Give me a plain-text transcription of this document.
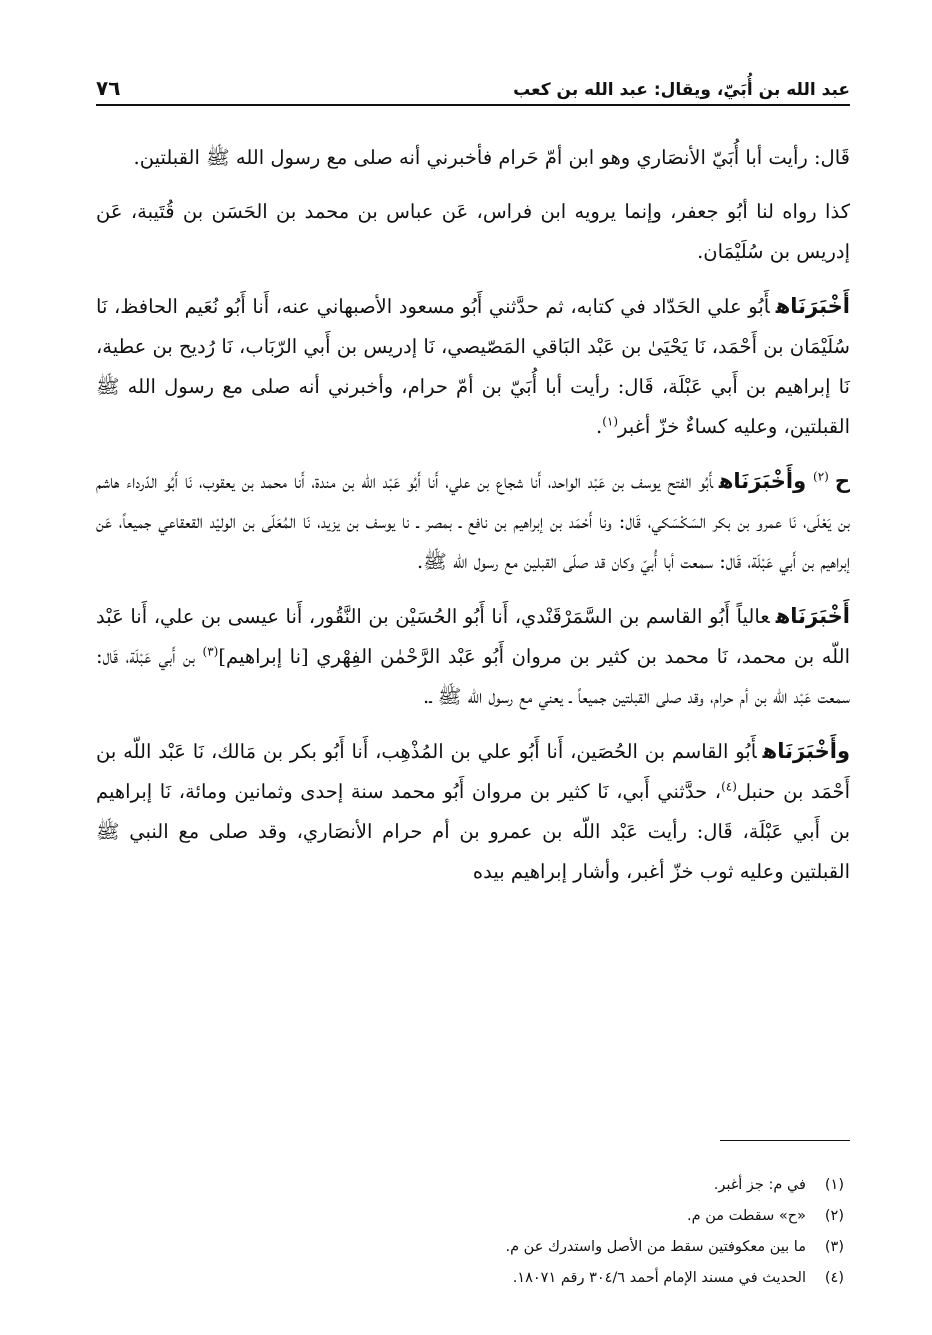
عبد الله بن أُبَيّ، ويقال: عبد الله بن كعب
٧٦

قَال: رأيت أبا أُبَيّ الأنصَاري وهو ابن أمّ حَرام فأخبرني أنه صلى مع رسول الله ﷺ القبلتين.

كذا رواه لنا أبُو جعفر، وإنما يرويه ابن فراس، عَن عباس بن محمد بن الحَسَن بن قُتَيبة، عَن إدريس بن سُلَيْمَان.

أَخْبَرَنَاهأَبُو علي الحَدّاد في كتابه، ثم حدَّثني أَبُو مسعود الأصبهاني عنه، أَنا أَبُو نُعَيم الحافظ، نَا سُلَيْمَان بن أَحْمَد، نَا يَحْيَىٰ بن عَبْد البَاقي المَصّيصي، نَا إدريس بن أَبي الرّبَاب، نَا رُديح بن عطية، نَا إبراهيم بن أَبي عَبْلَة، قَال: رأيت أبا أُبَيّ بن أمّ حرام، وأخبرني أنه صلى مع رسول الله ﷺ القبلتين، وعليه كساءٌ خزّ أغبر$^{(١)}$.

ح$^{(٢)}$ وأَخْبَرَنَاهأَبُو الفتح يوسف بن عَبْد الواحد، أَنا شجاع بن علي، أَنا أَبُو عَبْد اللّه بن مندة، أَنا محمد بن يعقوب، نَا أَبُو الدّرداء هاشم بن يَعْلَى، نَا عمرو بن بكر السَكْسَكي، قَال: ونا أَحْمَد بن إبراهيم بن نافع ـ بمصر ـ نا يوسف بن يزيد، نَا المُعَلّى بن الوليْد القعقاعي جميعاً، عَن إبراهيم بن أَبي عَبْلَة، قَال: سمعت أبا أُبيّ وكان قد صلّى القبلين مع رسول الله ﷺ.

أَخْبَرَنَاهعالياً أَبُو القاسم بن السَّمَرْقَنْدي، أَنا أَبُو الحُسَيْن بن النَّقُور، أَنا عيسى بن علي، أَنا عَبْد اللّه بن محمد، نَا محمد بن كثير بن مروان أَبُو عَبْد الرَّحْمٰن الفِهْري [نا إبراهيم]$^{(٣)}$ بن أَبي عَبْلَة، قَال: سمعت عَبْد اللّه بن أم حرام، وقد صلى القبلتين جميعاً ـ يعني مع رسول الله ﷺ ـ.

وأَخْبَرَنَاهأَبُو القاسم بن الحُصَين، أَنا أَبُو علي بن المُذْهِب، أَنا أَبُو بكر بن مَالك، نَا عَبْد اللّه بن أَحْمَد بن حنبل$^{(٤)}$، حدَّثني أَبي، نَا كثير بن مروان أَبُو محمد سنة إحدى وثمانين ومائة، نَا إبراهيم بن أَبي عَبْلَة، قَال: رأيت عَبْد اللّه بن عمرو بن أم حرام الأنصَاري، وقد صلى مع النبي ﷺ القبلتين وعليه ثوب خزّ أغبر، وأشار إبراهيم بيده

(١)
في م: جز أغبر.
(٢)
«ح» سقطت من م.
(٣)
ما بين معكوفتين سقط من الأصل واستدرك عن م.
(٤)
الحديث في مسند الإمام أحمد ٣٠٤/٦ رقم ١٨٠٧١.
